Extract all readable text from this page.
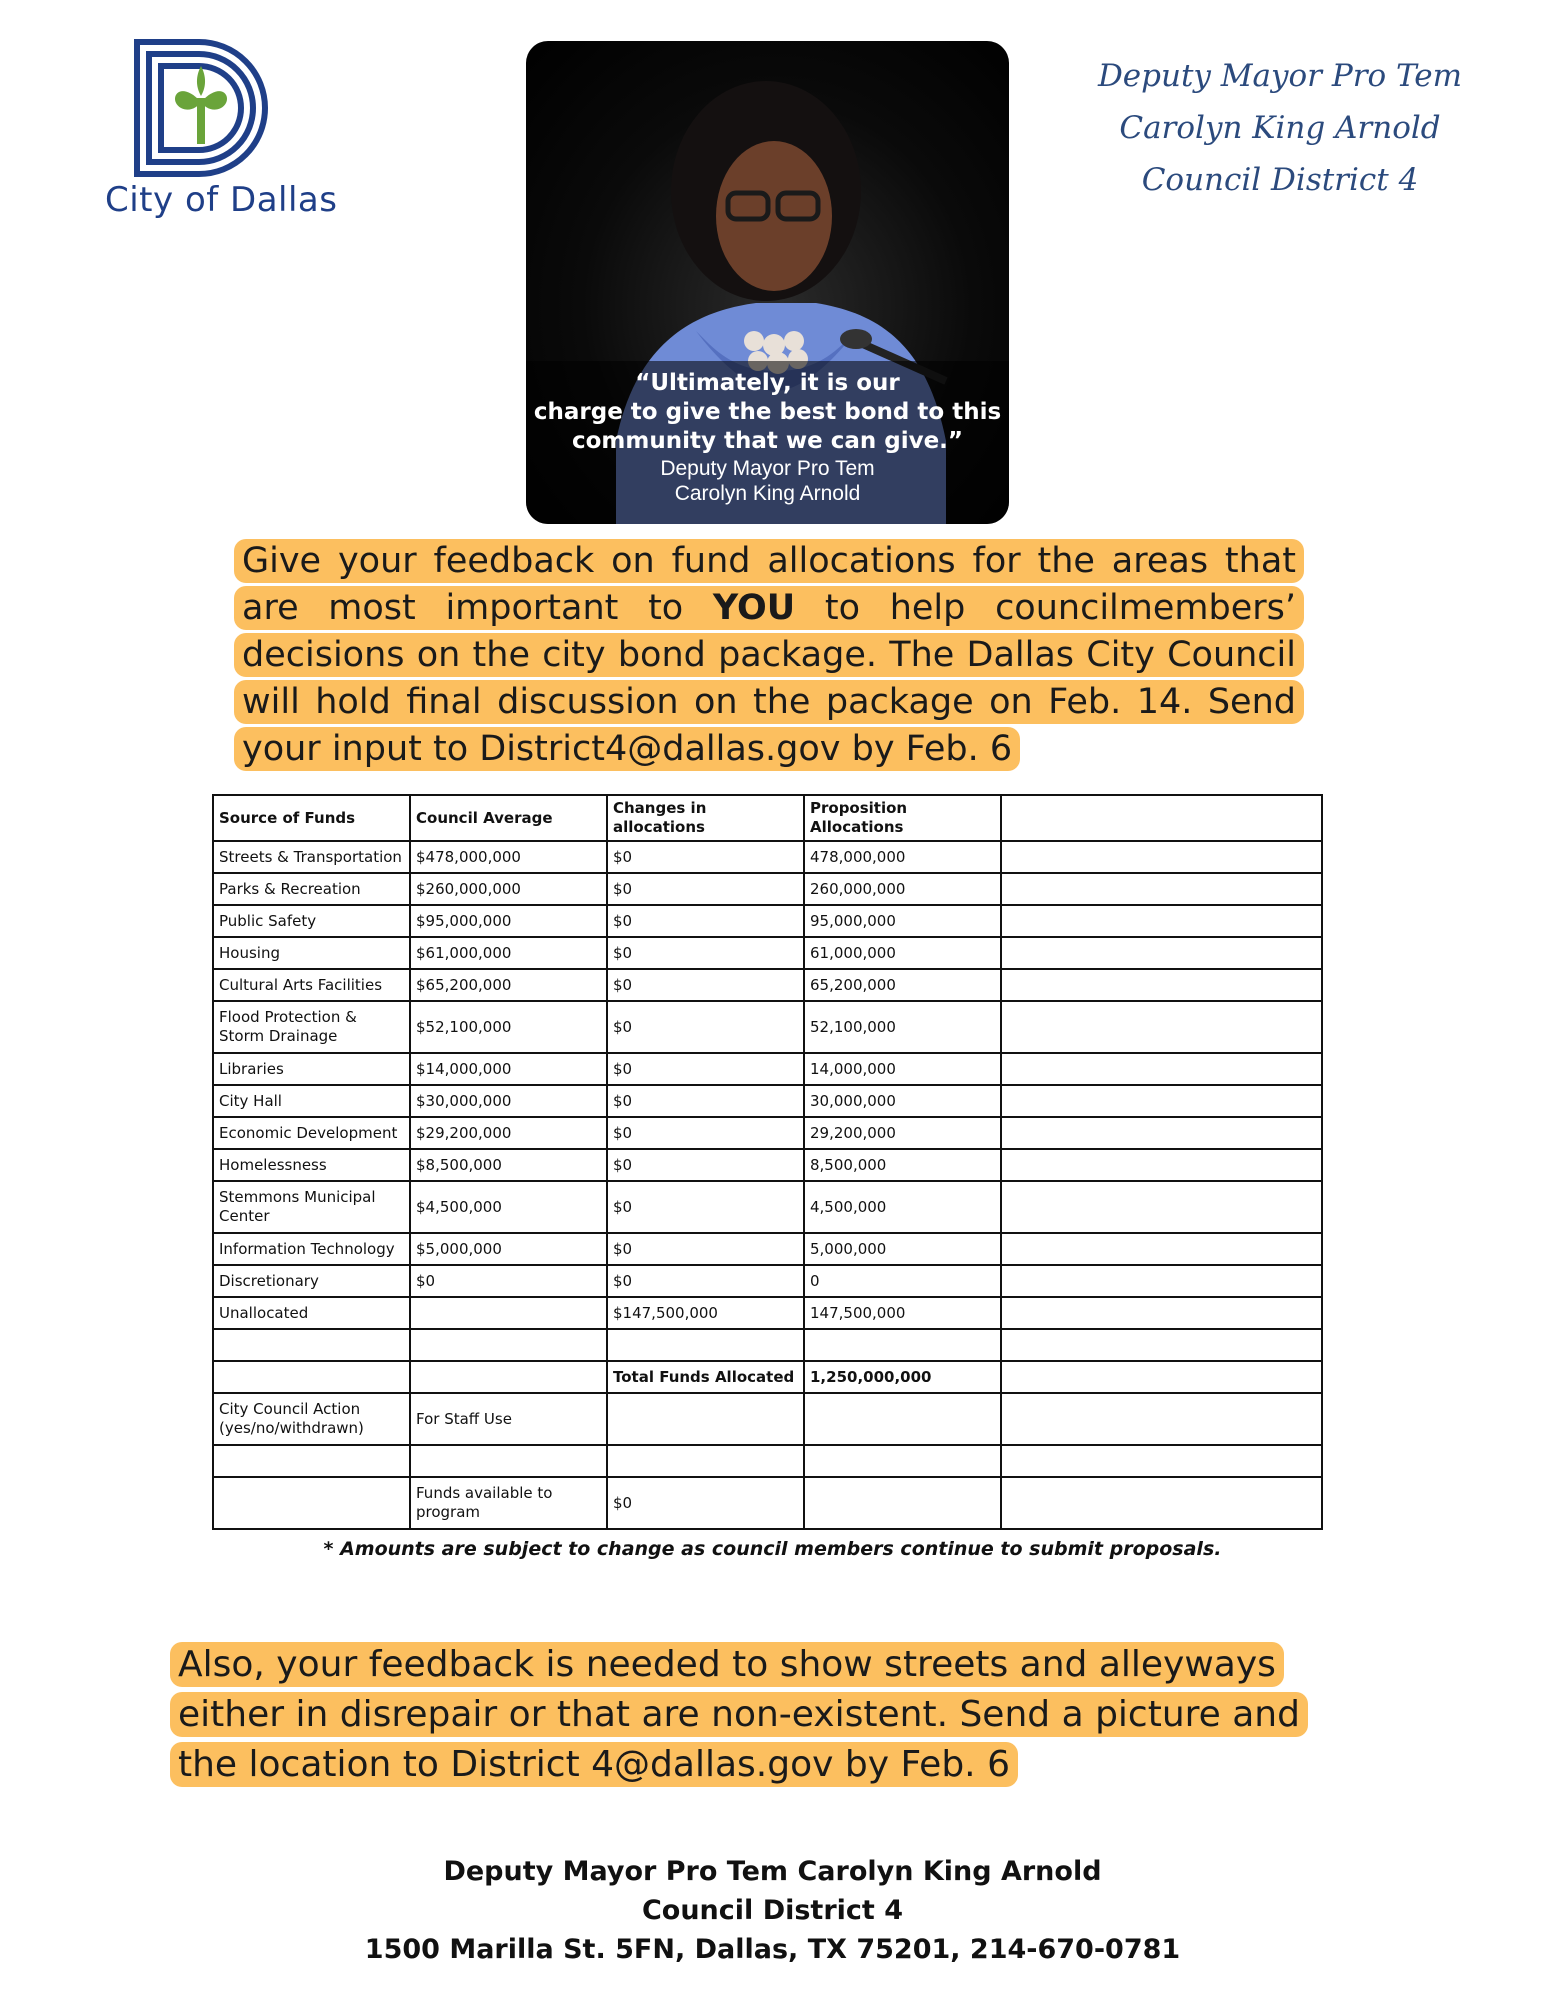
City of Dallas
“Ultimately, it is our
charge to give the best bond to this
community that we can give.”
Deputy Mayor Pro Tem
Carolyn King Arnold
Deputy Mayor Pro Tem
Carolyn King Arnold
Council District 4
Give your feedback on fund allocations for the areas that are most important to YOU to help councilmembers’ decisions on the city bond package. The Dallas City Council will hold final discussion on the package on Feb. 14. Send your input to District4@dallas.gov by Feb. 6
Source of Funds	Council Average	Changes in allocations	Proposition Allocations	
Streets & Transportation	$478,000,000	$0	478,000,000	
Parks & Recreation	$260,000,000	$0	260,000,000	
Public Safety	$95,000,000	$0	95,000,000	
Housing	$61,000,000	$0	61,000,000	
Cultural Arts Facilities	$65,200,000	$0	65,200,000	
Flood Protection & Storm Drainage	$52,100,000	$0	52,100,000	
Libraries	$14,000,000	$0	14,000,000	
City Hall	$30,000,000	$0	30,000,000	
Economic Development	$29,200,000	$0	29,200,000	
Homelessness	$8,500,000	$0	8,500,000	
Stemmons Municipal Center	$4,500,000	$0	4,500,000	
Information Technology	$5,000,000	$0	5,000,000	
Discretionary	$0	$0	0	
Unallocated		$147,500,000	147,500,000	

		Total Funds Allocated	1,250,000,000	
City Council Action (yes/no/withdrawn)	For Staff Use			

	Funds available to program	$0		
* Amounts are subject to change as council members continue to submit proposals.
Also, your feedback is needed to show streets and alleyways either in disrepair or that are non-existent. Send a picture and the location to District 4@dallas.gov by Feb. 6
Deputy Mayor Pro Tem Carolyn King Arnold
Council District 4
1500 Marilla St. 5FN, Dallas, TX 75201, 214-670-0781
